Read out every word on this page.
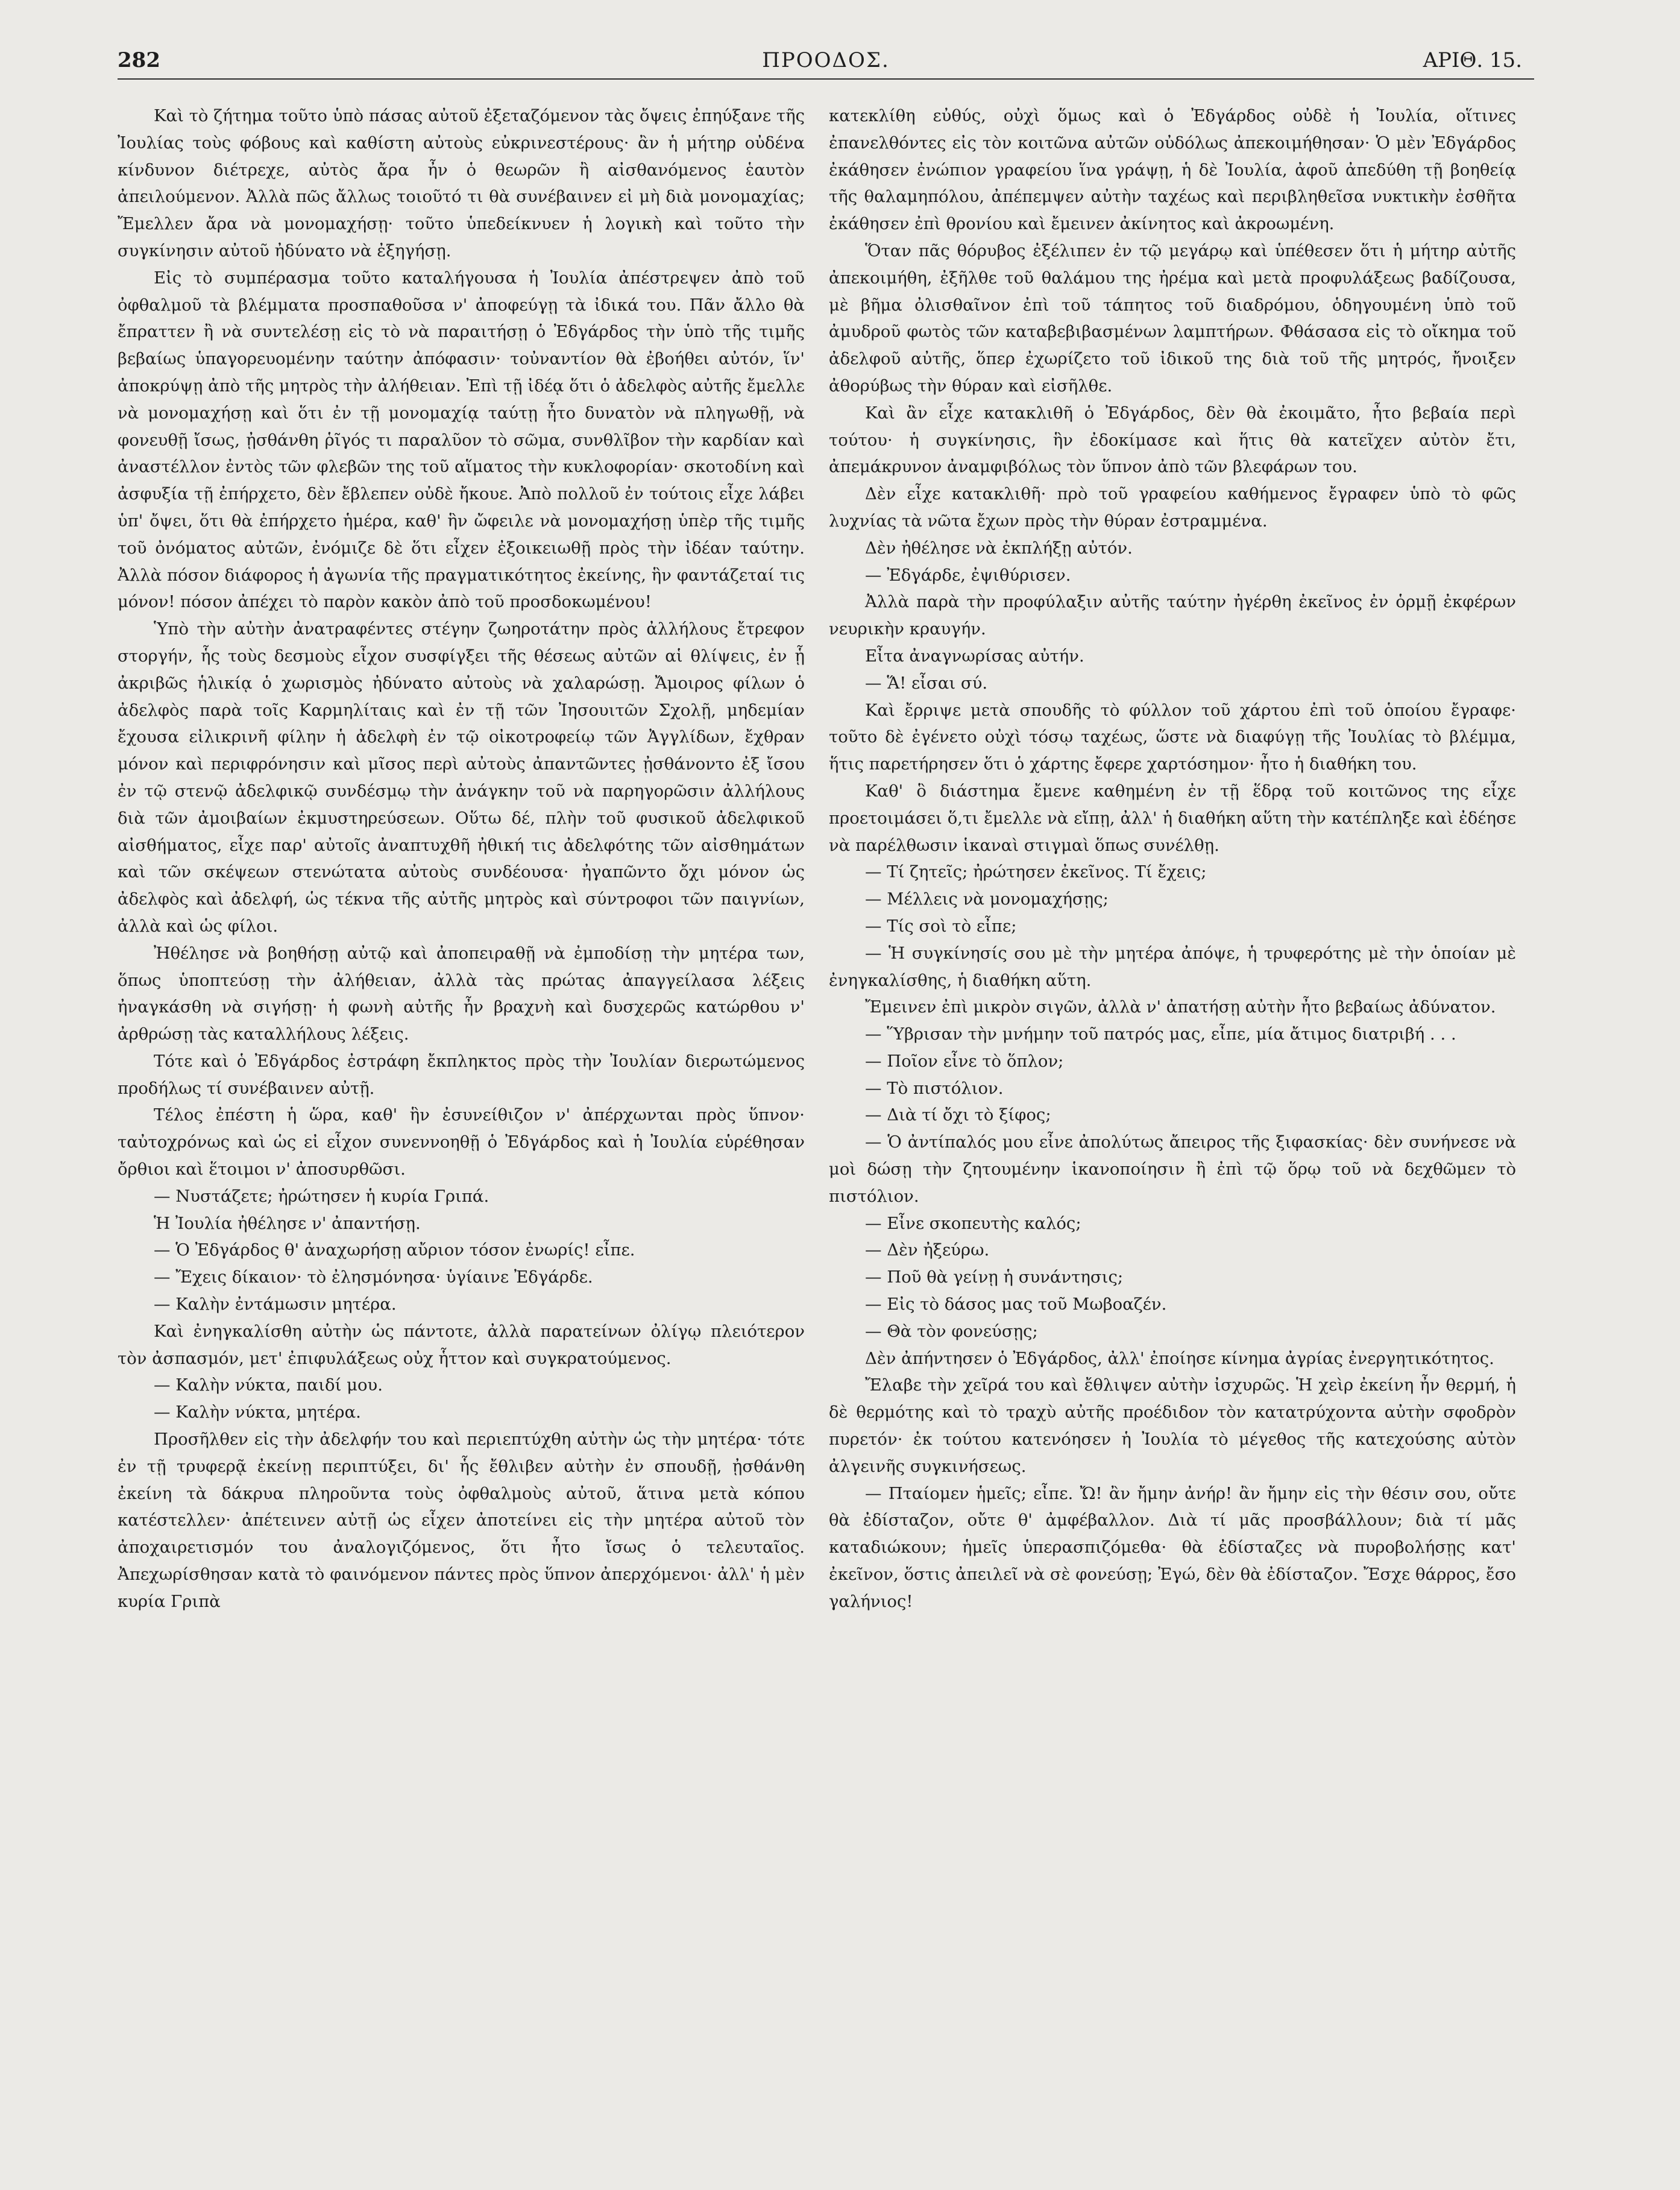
282	ΠΡΟΟΔΟΣ.	ΑΡΙΘ. 15.

Καὶ τὸ ζήτημα τοῦτο ὑπὸ πάσας αὐτοῦ ἐξεταζόμενον τὰς ὄψεις ἐπηύξανε τῆς Ἰουλίας τοὺς φόβους καὶ καθίστη αὐτοὺς εὐκρινεστέρους· ἂν ἡ μήτηρ οὐδένα κίνδυνον διέτρεχε, αὐτὸς ἄρα ἦν ὁ θεωρῶν ἢ αἰσθανόμενος ἑαυτὸν ἀπειλούμενον. Ἀλλὰ πῶς ἄλλως τοιοῦτό τι θὰ συνέβαινεν εἰ μὴ διὰ μονομαχίας; Ἔμελλεν ἄρα νὰ μονομαχήσῃ· τοῦτο ὑπεδείκνυεν ἡ λογικὴ καὶ τοῦτο τὴν συγκίνησιν αὐτοῦ ἠδύνατο νὰ ἐξηγήσῃ.

Εἰς τὸ συμπέρασμα τοῦτο καταλήγουσα ἡ Ἰουλία ἀπέστρεψεν ἀπὸ τοῦ ὀφθαλμοῦ τὰ βλέμματα προσπαθοῦσα ν' ἀποφεύγῃ τὰ ἰδικά του. Πᾶν ἄλλο θὰ ἔπραττεν ἢ νὰ συντελέσῃ εἰς τὸ νὰ παραιτήσῃ ὁ Ἐδγάρδος τὴν ὑπὸ τῆς τιμῆς βεβαίως ὑπαγορευομένην ταύτην ἀπόφασιν· τοὐναντίον θὰ ἐβοήθει αὐτόν, ἵν' ἀποκρύψῃ ἀπὸ τῆς μητρὸς τὴν ἀλήθειαν. Ἐπὶ τῇ ἰδέᾳ ὅτι ὁ ἀδελφὸς αὐτῆς ἔμελλε νὰ μονομαχήσῃ καὶ ὅτι ἐν τῇ μονομαχίᾳ ταύτῃ ἦτο δυνατὸν νὰ πληγωθῇ, νὰ φονευθῇ ἴσως, ᾐσθάνθη ῥῖγός τι παραλῦον τὸ σῶμα, συνθλῖβον τὴν καρδίαν καὶ ἀναστέλλον ἐντὸς τῶν φλεβῶν της τοῦ αἵματος τὴν κυκλοφορίαν· σκοτοδίνη καὶ ἀσφυξία τῇ ἐπήρχετο, δὲν ἔβλεπεν οὐδὲ ἤκουε. Ἀπὸ πολλοῦ ἐν τούτοις εἶχε λάβει ὑπ' ὄψει, ὅτι θὰ ἐπήρχετο ἡμέρα, καθ' ἣν ὤφειλε νὰ μονομαχήσῃ ὑπὲρ τῆς τιμῆς τοῦ ὀνόματος αὐτῶν, ἐνόμιζε δὲ ὅτι εἶχεν ἐξοικειωθῇ πρὸς τὴν ἰδέαν ταύτην. Ἀλλὰ πόσον διάφορος ἡ ἀγωνία τῆς πραγματικότητος ἐκείνης, ἣν φαντάζεταί τις μόνον! πόσον ἀπέχει τὸ παρὸν κακὸν ἀπὸ τοῦ προσδοκωμένου!

Ὑπὸ τὴν αὐτὴν ἀνατραφέντες στέγην ζωηροτάτην πρὸς ἀλλήλους ἔτρεφον στοργήν, ἧς τοὺς δεσμοὺς εἶχον συσφίγξει τῆς θέσεως αὐτῶν αἱ θλίψεις, ἐν ᾗ ἀκριβῶς ἡλικίᾳ ὁ χωρισμὸς ἠδύνατο αὐτοὺς νὰ χαλαρώσῃ. Ἄμοιρος φίλων ὁ ἀδελφὸς παρὰ τοῖς Καρμηλίταις καὶ ἐν τῇ τῶν Ἰησουιτῶν Σχολῇ, μηδεμίαν ἔχουσα εἰλικρινῆ φίλην ἡ ἀδελφὴ ἐν τῷ οἰκοτροφείῳ τῶν Ἀγγλίδων, ἔχθραν μόνον καὶ περιφρόνησιν καὶ μῖσος περὶ αὐτοὺς ἀπαντῶντες ᾐσθάνοντο ἐξ ἴσου ἐν τῷ στενῷ ἀδελφικῷ συνδέσμῳ τὴν ἀνάγκην τοῦ νὰ παρηγορῶσιν ἀλλήλους διὰ τῶν ἀμοιβαίων ἐκμυστηρεύσεων. Οὕτω δέ, πλὴν τοῦ φυσικοῦ ἀδελφικοῦ αἰσθήματος, εἶχε παρ' αὐτοῖς ἀναπτυχθῆ ἠθική τις ἀδελφότης τῶν αἰσθημάτων καὶ τῶν σκέψεων στενώτατα αὐτοὺς συνδέουσα· ἠγαπῶντο ὄχι μόνον ὡς ἀδελφὸς καὶ ἀδελφή, ὡς τέκνα τῆς αὐτῆς μητρὸς καὶ σύντροφοι τῶν παιγνίων, ἀλλὰ καὶ ὡς φίλοι.

Ἠθέλησε νὰ βοηθήσῃ αὐτῷ καὶ ἀποπειραθῇ νὰ ἐμποδίσῃ τὴν μητέρα των, ὅπως ὑποπτεύσῃ τὴν ἀλήθειαν, ἀλλὰ τὰς πρώτας ἀπαγγείλασα λέξεις ἠναγκάσθη νὰ σιγήσῃ· ἡ φωνὴ αὐτῆς ἦν βραχνὴ καὶ δυσχερῶς κατώρθου ν' ἀρθρώσῃ τὰς καταλλήλους λέξεις.

Τότε καὶ ὁ Ἐδγάρδος ἐστράφη ἔκπληκτος πρὸς τὴν Ἰουλίαν διερωτώμενος προδήλως τί συνέβαινεν αὐτῇ.

Τέλος ἐπέστη ἡ ὥρα, καθ' ἣν ἐσυνείθιζον ν' ἀπέρχωνται πρὸς ὕπνον· ταὐτοχρόνως καὶ ὡς εἰ εἶχον συνεννοηθῇ ὁ Ἐδγάρδος καὶ ἡ Ἰουλία εὑρέθησαν ὄρθιοι καὶ ἕτοιμοι ν' ἀποσυρθῶσι.

— Νυστάζετε; ἠρώτησεν ἡ κυρία Γριπά.

Ἡ Ἰουλία ἠθέλησε ν' ἀπαντήσῃ.

— Ὁ Ἐδγάρδος θ' ἀναχωρήσῃ αὔριον τόσον ἐνωρίς! εἶπε.

— Ἔχεις δίκαιον· τὸ ἐλησμόνησα· ὑγίαινε Ἐδγάρδε.

— Καλὴν ἐντάμωσιν μητέρα.

Καὶ ἐνηγκαλίσθη αὐτὴν ὡς πάντοτε, ἀλλὰ παρατείνων ὀλίγῳ πλειότερον τὸν ἀσπασμόν, μετ' ἐπιφυλάξεως οὐχ ἧττον καὶ συγκρατούμενος.

— Καλὴν νύκτα, παιδί μου.

— Καλὴν νύκτα, μητέρα.

Προσῆλθεν εἰς τὴν ἀδελφήν του καὶ περιεπτύχθη αὐτὴν ὡς τὴν μητέρα· τότε ἐν τῇ τρυφερᾷ ἐκείνῃ περιπτύξει, δι' ἧς ἔθλιβεν αὐτὴν ἐν σπουδῇ, ᾐσθάνθη ἐκείνη τὰ δάκρυα πληροῦντα τοὺς ὀφθαλμοὺς αὐτοῦ, ἅτινα μετὰ κόπου κατέστελλεν· ἀπέτεινεν αὐτῇ ὡς εἶχεν ἀποτείνει εἰς τὴν μητέρα αὐτοῦ τὸν ἀποχαιρετισμόν του ἀναλογιζόμενος, ὅτι ἦτο ἴσως ὁ τελευταῖος. Ἀπεχωρίσθησαν κατὰ τὸ φαινόμενον πάντες πρὸς ὕπνον ἀπερχόμενοι· ἀλλ' ἡ μὲν κυρία Γριπὰ

κατεκλίθη εὐθύς, οὐχὶ ὅμως καὶ ὁ Ἐδγάρδος οὐδὲ ἡ Ἰουλία, οἵτινες ἐπανελθόντες εἰς τὸν κοιτῶνα αὐτῶν οὐδόλως ἀπεκοιμήθησαν· Ὁ μὲν Ἐδγάρδος ἐκάθησεν ἐνώπιον γραφείου ἵνα γράψῃ, ἡ δὲ Ἰουλία, ἀφοῦ ἀπεδύθη τῇ βοηθείᾳ τῆς θαλαμηπόλου, ἀπέπεμψεν αὐτὴν ταχέως καὶ περιβληθεῖσα νυκτικὴν ἐσθῆτα ἐκάθησεν ἐπὶ θρονίου καὶ ἔμεινεν ἀκίνητος καὶ ἀκροωμένη.

Ὅταν πᾶς θόρυβος ἐξέλιπεν ἐν τῷ μεγάρῳ καὶ ὑπέθεσεν ὅτι ἡ μήτηρ αὐτῆς ἀπεκοιμήθη, ἐξῆλθε τοῦ θαλάμου της ἠρέμα καὶ μετὰ προφυλάξεως βαδίζουσα, μὲ βῆμα ὀλισθαῖνον ἐπὶ τοῦ τάπητος τοῦ διαδρόμου, ὁδηγουμένη ὑπὸ τοῦ ἀμυδροῦ φωτὸς τῶν καταβεβιβασμένων λαμπτήρων. Φθάσασα εἰς τὸ οἴκημα τοῦ ἀδελφοῦ αὐτῆς, ὅπερ ἐχωρίζετο τοῦ ἰδικοῦ της διὰ τοῦ τῆς μητρός, ἤνοιξεν ἀθορύβως τὴν θύραν καὶ εἰσῆλθε.

Καὶ ἂν εἶχε κατακλιθῆ ὁ Ἐδγάρδος, δὲν θὰ ἐκοιμᾶτο, ἦτο βεβαία περὶ τούτου· ἡ συγκίνησις, ἣν ἐδοκίμασε καὶ ἥτις θὰ κατεῖχεν αὐτὸν ἔτι, ἀπεμάκρυνον ἀναμφιβόλως τὸν ὕπνον ἀπὸ τῶν βλεφάρων του.

Δὲν εἶχε κατακλιθῆ· πρὸ τοῦ γραφείου καθήμενος ἔγραφεν ὑπὸ τὸ φῶς λυχνίας τὰ νῶτα ἔχων πρὸς τὴν θύραν ἐστραμμένα.

Δὲν ἠθέλησε νὰ ἐκπλήξῃ αὐτόν.

— Ἐδγάρδε, ἐψιθύρισεν.

Ἀλλὰ παρὰ τὴν προφύλαξιν αὐτῆς ταύτην ἠγέρθη ἐκεῖνος ἐν ὁρμῇ ἐκφέρων νευρικὴν κραυγήν.

Εἶτα ἀναγνωρίσας αὐτήν.

— Ἅ! εἶσαι σύ.

Καὶ ἔρριψε μετὰ σπουδῆς τὸ φύλλον τοῦ χάρτου ἐπὶ τοῦ ὁποίου ἔγραφε· τοῦτο δὲ ἐγένετο οὐχὶ τόσῳ ταχέως, ὥστε νὰ διαφύγῃ τῆς Ἰουλίας τὸ βλέμμα, ἥτις παρετήρησεν ὅτι ὁ χάρτης ἔφερε χαρτόσημον· ἦτο ἡ διαθήκη του.

Καθ' ὃ διάστημα ἔμενε καθημένη ἐν τῇ ἕδρᾳ τοῦ κοιτῶνος της εἶχε προετοιμάσει ὅ,τι ἔμελλε νὰ εἴπῃ, ἀλλ' ἡ διαθήκη αὕτη τὴν κατέπληξε καὶ ἐδέησε νὰ παρέλθωσιν ἱκαναὶ στιγμαὶ ὅπως συνέλθῃ.

— Τί ζητεῖς; ἠρώτησεν ἐκεῖνος. Τί ἔχεις;

— Μέλλεις νὰ μονομαχήσῃς;

— Τίς σοὶ τὸ εἶπε;

— Ἡ συγκίνησίς σου μὲ τὴν μητέρα ἀπόψε, ἡ τρυφερότης μὲ τὴν ὁποίαν μὲ ἐνηγκαλίσθης, ἡ διαθήκη αὕτη.

Ἔμεινεν ἐπὶ μικρὸν σιγῶν, ἀλλὰ ν' ἀπατήσῃ αὐτὴν ἦτο βεβαίως ἀδύνατον.

— Ὕβρισαν τὴν μνήμην τοῦ πατρός μας, εἶπε, μία ἄτιμος διατριβή . . .

— Ποῖον εἶνε τὸ ὅπλον;

— Τὸ πιστόλιον.

— Διὰ τί ὄχι τὸ ξίφος;

— Ὁ ἀντίπαλός μου εἶνε ἀπολύτως ἄπειρος τῆς ξιφασκίας· δὲν συνήνεσε νὰ μοὶ δώσῃ τὴν ζητουμένην ἱκανοποίησιν ἢ ἐπὶ τῷ ὅρῳ τοῦ νὰ δεχθῶμεν τὸ πιστόλιον.

— Εἶνε σκοπευτὴς καλός;

— Δὲν ἠξεύρω.

— Ποῦ θὰ γείνῃ ἡ συνάντησις;

— Εἰς τὸ δάσος μας τοῦ Μωβοαζέν.

— Θὰ τὸν φονεύσῃς;

Δὲν ἀπήντησεν ὁ Ἐδγάρδος, ἀλλ' ἐποίησε κίνημα ἀγρίας ἐνεργητικότητος.

Ἔλαβε τὴν χεῖρά του καὶ ἔθλιψεν αὐτὴν ἰσχυρῶς. Ἡ χεὶρ ἐκείνη ἦν θερμή, ἡ δὲ θερμότης καὶ τὸ τραχὺ αὐτῆς προέδιδον τὸν κατατρύχοντα αὐτὴν σφοδρὸν πυρετόν· ἐκ τούτου κατενόησεν ἡ Ἰουλία τὸ μέγεθος τῆς κατεχούσης αὐτὸν ἀλγεινῆς συγκινήσεως.

— Πταίομεν ἡμεῖς; εἶπε. Ὤ! ἂν ἤμην ἀνήρ! ἂν ἤμην εἰς τὴν θέσιν σου, οὔτε θὰ ἐδίσταζον, οὔτε θ' ἀμφέβαλλον. Διὰ τί μᾶς προσβάλλουν; διὰ τί μᾶς καταδιώκουν; ἡμεῖς ὑπερασπιζόμεθα· θὰ ἐδίσταζες νὰ πυροβολήσῃς κατ' ἐκεῖνον, ὅστις ἀπειλεῖ νὰ σὲ φονεύσῃ; Ἐγώ, δὲν θὰ ἐδίσταζον. Ἔσχε θάρρος, ἔσο γαλήνιος!
